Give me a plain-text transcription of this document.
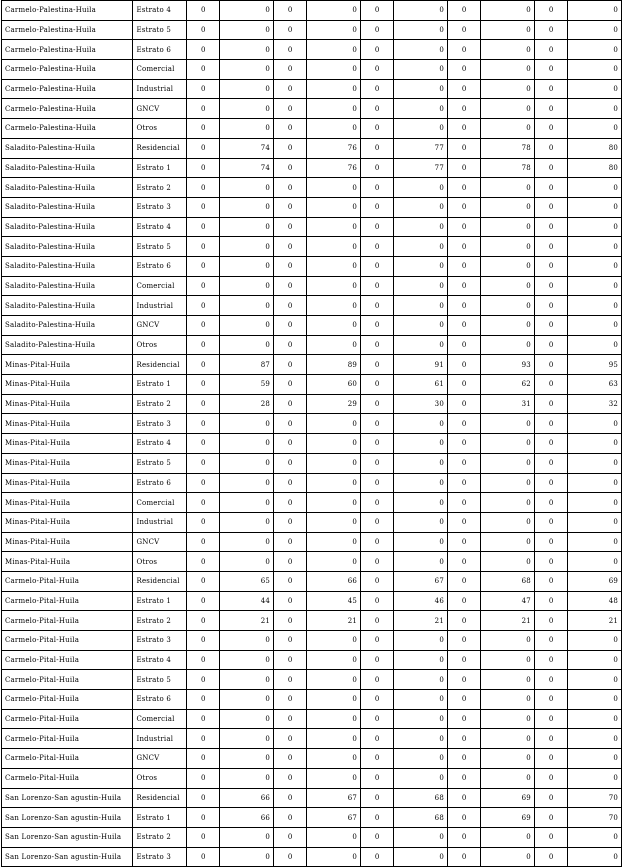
Carmelo-Palestina-Huila	Estrato 4	0	0	0	0	0	0	0	0	0	0
Carmelo-Palestina-Huila	Estrato 5	0	0	0	0	0	0	0	0	0	0
Carmelo-Palestina-Huila	Estrato 6	0	0	0	0	0	0	0	0	0	0
Carmelo-Palestina-Huila	Comercial	0	0	0	0	0	0	0	0	0	0
Carmelo-Palestina-Huila	Industrial	0	0	0	0	0	0	0	0	0	0
Carmelo-Palestina-Huila	GNCV	0	0	0	0	0	0	0	0	0	0
Carmelo-Palestina-Huila	Otros	0	0	0	0	0	0	0	0	0	0
Saladito-Palestina-Huila	Residencial	0	74	0	76	0	77	0	78	0	80
Saladito-Palestina-Huila	Estrato 1	0	74	0	76	0	77	0	78	0	80
Saladito-Palestina-Huila	Estrato 2	0	0	0	0	0	0	0	0	0	0
Saladito-Palestina-Huila	Estrato 3	0	0	0	0	0	0	0	0	0	0
Saladito-Palestina-Huila	Estrato 4	0	0	0	0	0	0	0	0	0	0
Saladito-Palestina-Huila	Estrato 5	0	0	0	0	0	0	0	0	0	0
Saladito-Palestina-Huila	Estrato 6	0	0	0	0	0	0	0	0	0	0
Saladito-Palestina-Huila	Comercial	0	0	0	0	0	0	0	0	0	0
Saladito-Palestina-Huila	Industrial	0	0	0	0	0	0	0	0	0	0
Saladito-Palestina-Huila	GNCV	0	0	0	0	0	0	0	0	0	0
Saladito-Palestina-Huila	Otros	0	0	0	0	0	0	0	0	0	0
Minas-Pital-Huila	Residencial	0	87	0	89	0	91	0	93	0	95
Minas-Pital-Huila	Estrato 1	0	59	0	60	0	61	0	62	0	63
Minas-Pital-Huila	Estrato 2	0	28	0	29	0	30	0	31	0	32
Minas-Pital-Huila	Estrato 3	0	0	0	0	0	0	0	0	0	0
Minas-Pital-Huila	Estrato 4	0	0	0	0	0	0	0	0	0	0
Minas-Pital-Huila	Estrato 5	0	0	0	0	0	0	0	0	0	0
Minas-Pital-Huila	Estrato 6	0	0	0	0	0	0	0	0	0	0
Minas-Pital-Huila	Comercial	0	0	0	0	0	0	0	0	0	0
Minas-Pital-Huila	Industrial	0	0	0	0	0	0	0	0	0	0
Minas-Pital-Huila	GNCV	0	0	0	0	0	0	0	0	0	0
Minas-Pital-Huila	Otros	0	0	0	0	0	0	0	0	0	0
Carmelo-Pital-Huila	Residencial	0	65	0	66	0	67	0	68	0	69
Carmelo-Pital-Huila	Estrato 1	0	44	0	45	0	46	0	47	0	48
Carmelo-Pital-Huila	Estrato 2	0	21	0	21	0	21	0	21	0	21
Carmelo-Pital-Huila	Estrato 3	0	0	0	0	0	0	0	0	0	0
Carmelo-Pital-Huila	Estrato 4	0	0	0	0	0	0	0	0	0	0
Carmelo-Pital-Huila	Estrato 5	0	0	0	0	0	0	0	0	0	0
Carmelo-Pital-Huila	Estrato 6	0	0	0	0	0	0	0	0	0	0
Carmelo-Pital-Huila	Comercial	0	0	0	0	0	0	0	0	0	0
Carmelo-Pital-Huila	Industrial	0	0	0	0	0	0	0	0	0	0
Carmelo-Pital-Huila	GNCV	0	0	0	0	0	0	0	0	0	0
Carmelo-Pital-Huila	Otros	0	0	0	0	0	0	0	0	0	0
San Lorenzo-San agustin-Huila	Residencial	0	66	0	67	0	68	0	69	0	70
San Lorenzo-San agustin-Huila	Estrato 1	0	66	0	67	0	68	0	69	0	70
San Lorenzo-San agustin-Huila	Estrato 2	0	0	0	0	0	0	0	0	0	0
San Lorenzo-San agustin-Huila	Estrato 3	0	0	0	0	0	0	0	0	0	0
